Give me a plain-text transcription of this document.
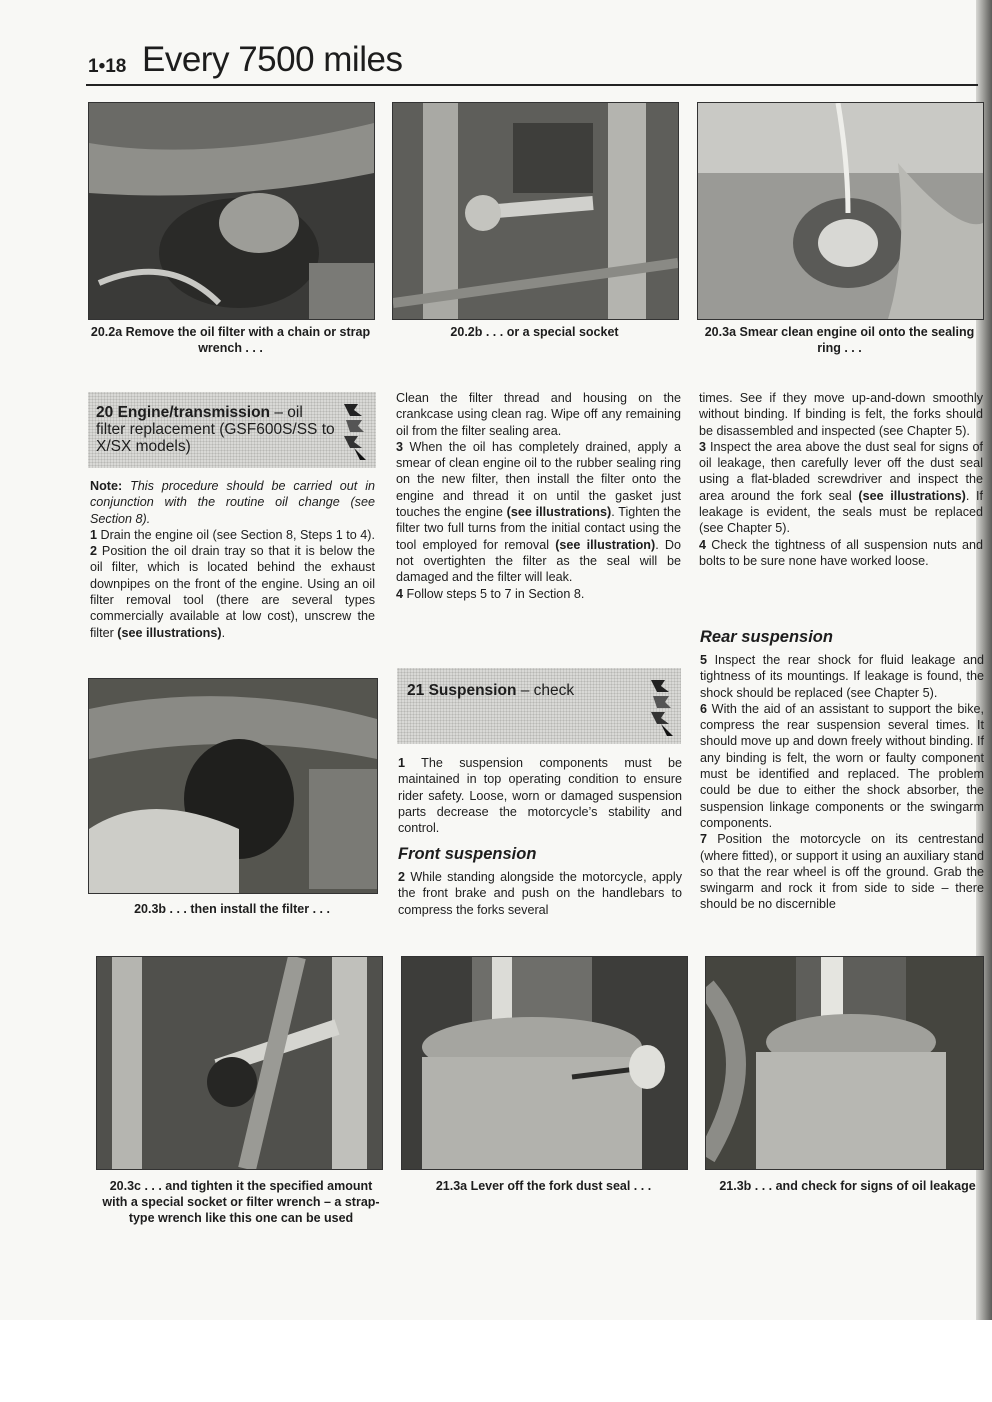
1•18 Every 7500 miles
20.2a Remove the oil filter with a chain or strap wrench . . .
20.2b . . . or a special socket	20.3a Smear clean engine oil onto the sealing ring . . .
20 Engine/transmission – oil filter replacement (GSF600S/SS to X/SX models)

Note: This procedure should be carried out in conjunction with the routine oil change (see Section 8).

1 Drain the engine oil (see Section 8, Steps 1 to 4).

2 Position the oil drain tray so that it is below the oil filter, which is located behind the exhaust downpipes on the front of the engine. Using an oil filter removal tool (there are several types commercially available at low cost), unscrew the filter (see illustrations).

20.3b . . . then install the filter . . .

Clean the filter thread and housing on the crankcase using clean rag. Wipe off any remaining oil from the filter sealing area.

3 When the oil has completely drained, apply a smear of clean engine oil to the rubber sealing ring on the new filter, then install the filter onto the engine and thread it on until the gasket just touches the engine (see illustrations). Tighten the filter two full turns from the initial contact using the tool employed for removal (see illustration). Do not overtighten the filter as the seal will be damaged and the filter will leak.

4 Follow steps 5 to 7 in Section 8.

21 Suspension – check

1 The suspension components must be maintained in top operating condition to ensure rider safety. Loose, worn or damaged suspension parts decrease the motorcycle’s stability and control.

Front suspension

2 While standing alongside the motorcycle, apply the front brake and push on the handlebars to compress the forks several

times. See if they move up-and-down smoothly without binding. If binding is felt, the forks should be disassembled and inspected (see Chapter 5).

3 Inspect the area above the dust seal for signs of oil leakage, then carefully lever off the dust seal using a flat-bladed screwdriver and inspect the area around the fork seal (see illustrations). If leakage is evident, the seals must be replaced (see Chapter 5).

4 Check the tightness of all suspension nuts and bolts to be sure none have worked loose.

Rear suspension

5 Inspect the rear shock for fluid leakage and tightness of its mountings. If leakage is found, the shock should be replaced (see Chapter 5).

6 With the aid of an assistant to support the bike, compress the rear suspension several times. It should move up and down freely without binding. If any binding is felt, the worn or faulty component must be identified and replaced. The problem could be due to either the shock absorber, the suspension linkage components or the swingarm components.

7 Position the motorcycle on its centrestand (where fitted), or support it using an auxiliary stand so that the rear wheel is off the ground. Grab the swingarm and rock it from side to side – there should be no discernible

20.3c . . . and tighten it the specified amount with a special socket or filter wrench – a strap-type wrench like this one can be used
21.3a Lever off the fork dust seal . . .	21.3b . . . and check for signs of oil leakage
